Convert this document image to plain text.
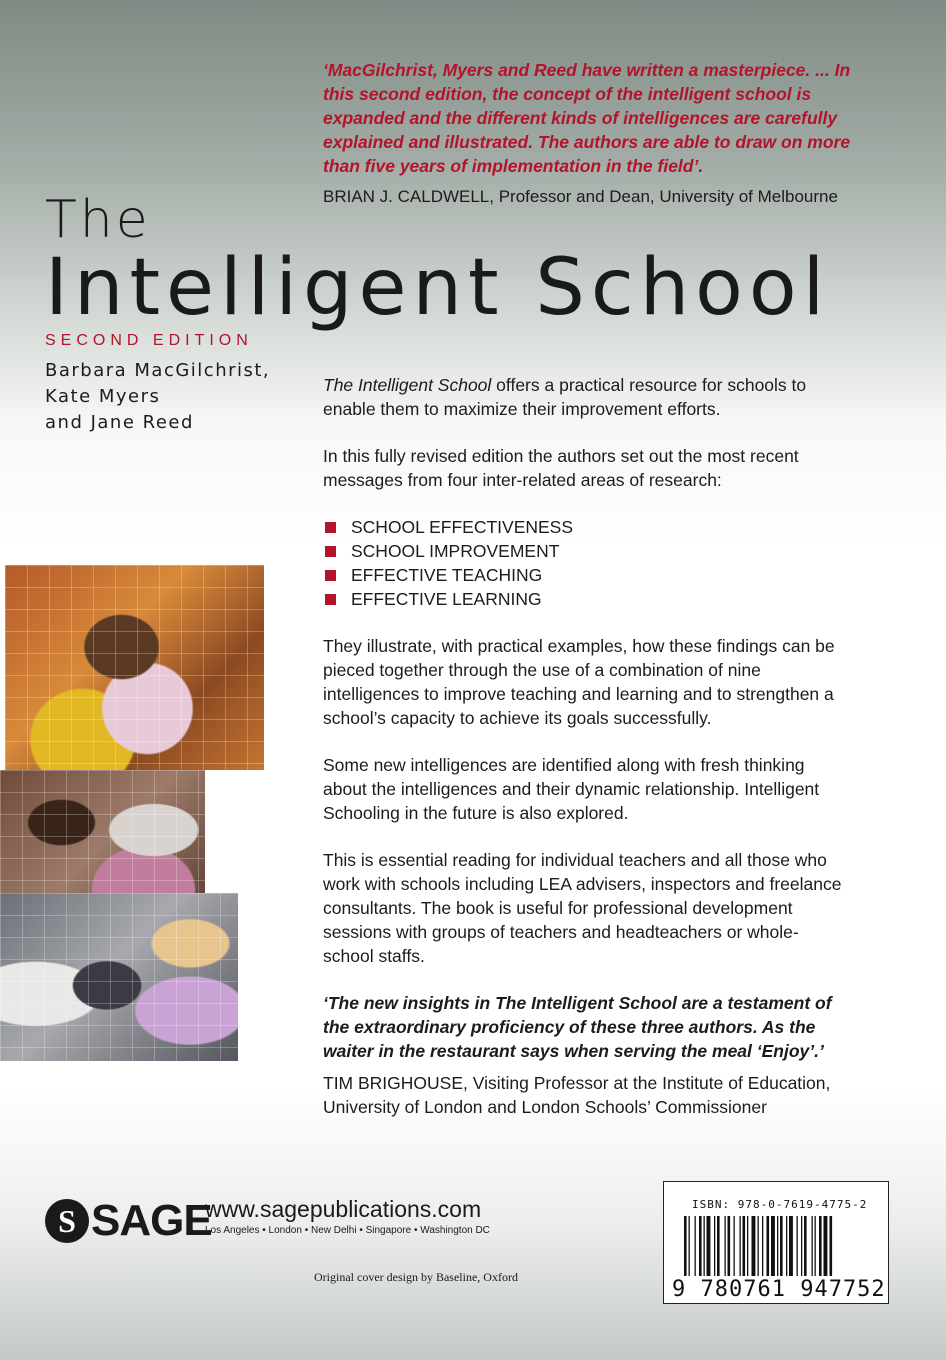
‘MacGilchrist, Myers and Reed have written a masterpiece. ... In this second edition, the concept of the intelligent school is expanded and the different kinds of intelligences are carefully explained and illustrated. The authors are able to draw on more than five years of implementation in the field’.
BRIAN J. CALDWELL, Professor and Dean, University of Melbourne
The
Intelligent School
SECOND EDITION
Barbara MacGilchrist,
Kate Myers
and Jane Reed

The Intelligent School offers a practical resource for schools to enable them to maximize their improvement efforts.

In this fully revised edition the authors set out the most recent messages from four inter-related areas of research:

SCHOOL EFFECTIVENESS
SCHOOL IMPROVEMENT
EFFECTIVE TEACHING
EFFECTIVE LEARNING

They illustrate, with practical examples, how these findings can be pieced together through the use of a combination of nine intelligences to improve teaching and learning and to strengthen a school’s capacity to achieve its goals successfully.

Some new intelligences are identified along with fresh thinking about the intelligences and their dynamic relationship. Intelligent Schooling in the future is also explored.

This is essential reading for individual teachers and all those who work with schools including LEA advisers, inspectors and freelance consultants. The book is useful for professional development sessions with groups of teachers and headteachers or whole-school staffs.

‘The new insights in The Intelligent School are a testament of the extraordinary proficiency of these three authors. As the waiter in the restaurant says when serving the meal ‘Enjoy’.’

TIM BRIGHOUSE, Visiting Professor at the Institute of Education, University of London and London Schools’ Commissioner

S
SAGE
www.sagepublications.com
Los Angeles • London • New Delhi • Singapore • Washington DC
Original cover design by Baseline, Oxford
ISBN: 978-0-7619-4775-2
9 780761 947752
